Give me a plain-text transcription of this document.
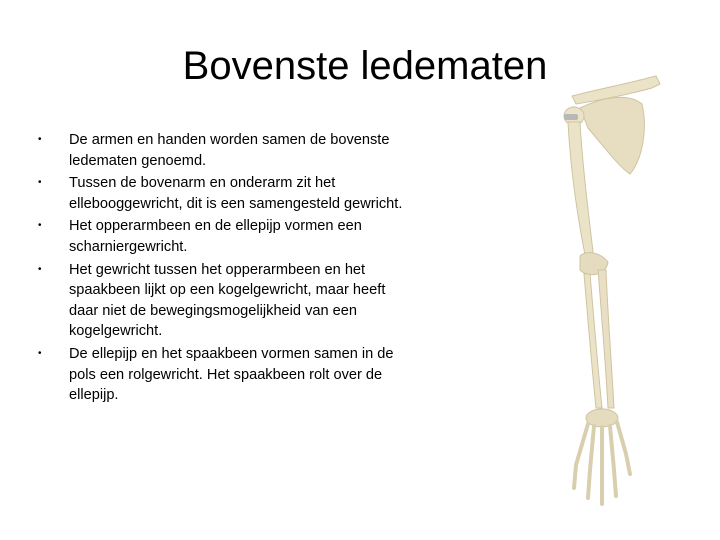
Bovenste ledematen
• De armen en handen worden samen de bovenste ledematen genoemd.
• Tussen de bovenarm en onderarm zit het ellebooggewricht, dit is een samengesteld gewricht.
• Het opperarmbeen en de ellepijp vormen een scharniergewricht.
• Het gewricht tussen het opperarmbeen en het spaakbeen lijkt op een kogelgewricht, maar heeft daar niet de bewegingsmogelijkheid van een kogelgewricht.
• De ellepijp en het spaakbeen vormen samen in de pols een rolgewricht. Het spaakbeen rolt over de ellepijp.
